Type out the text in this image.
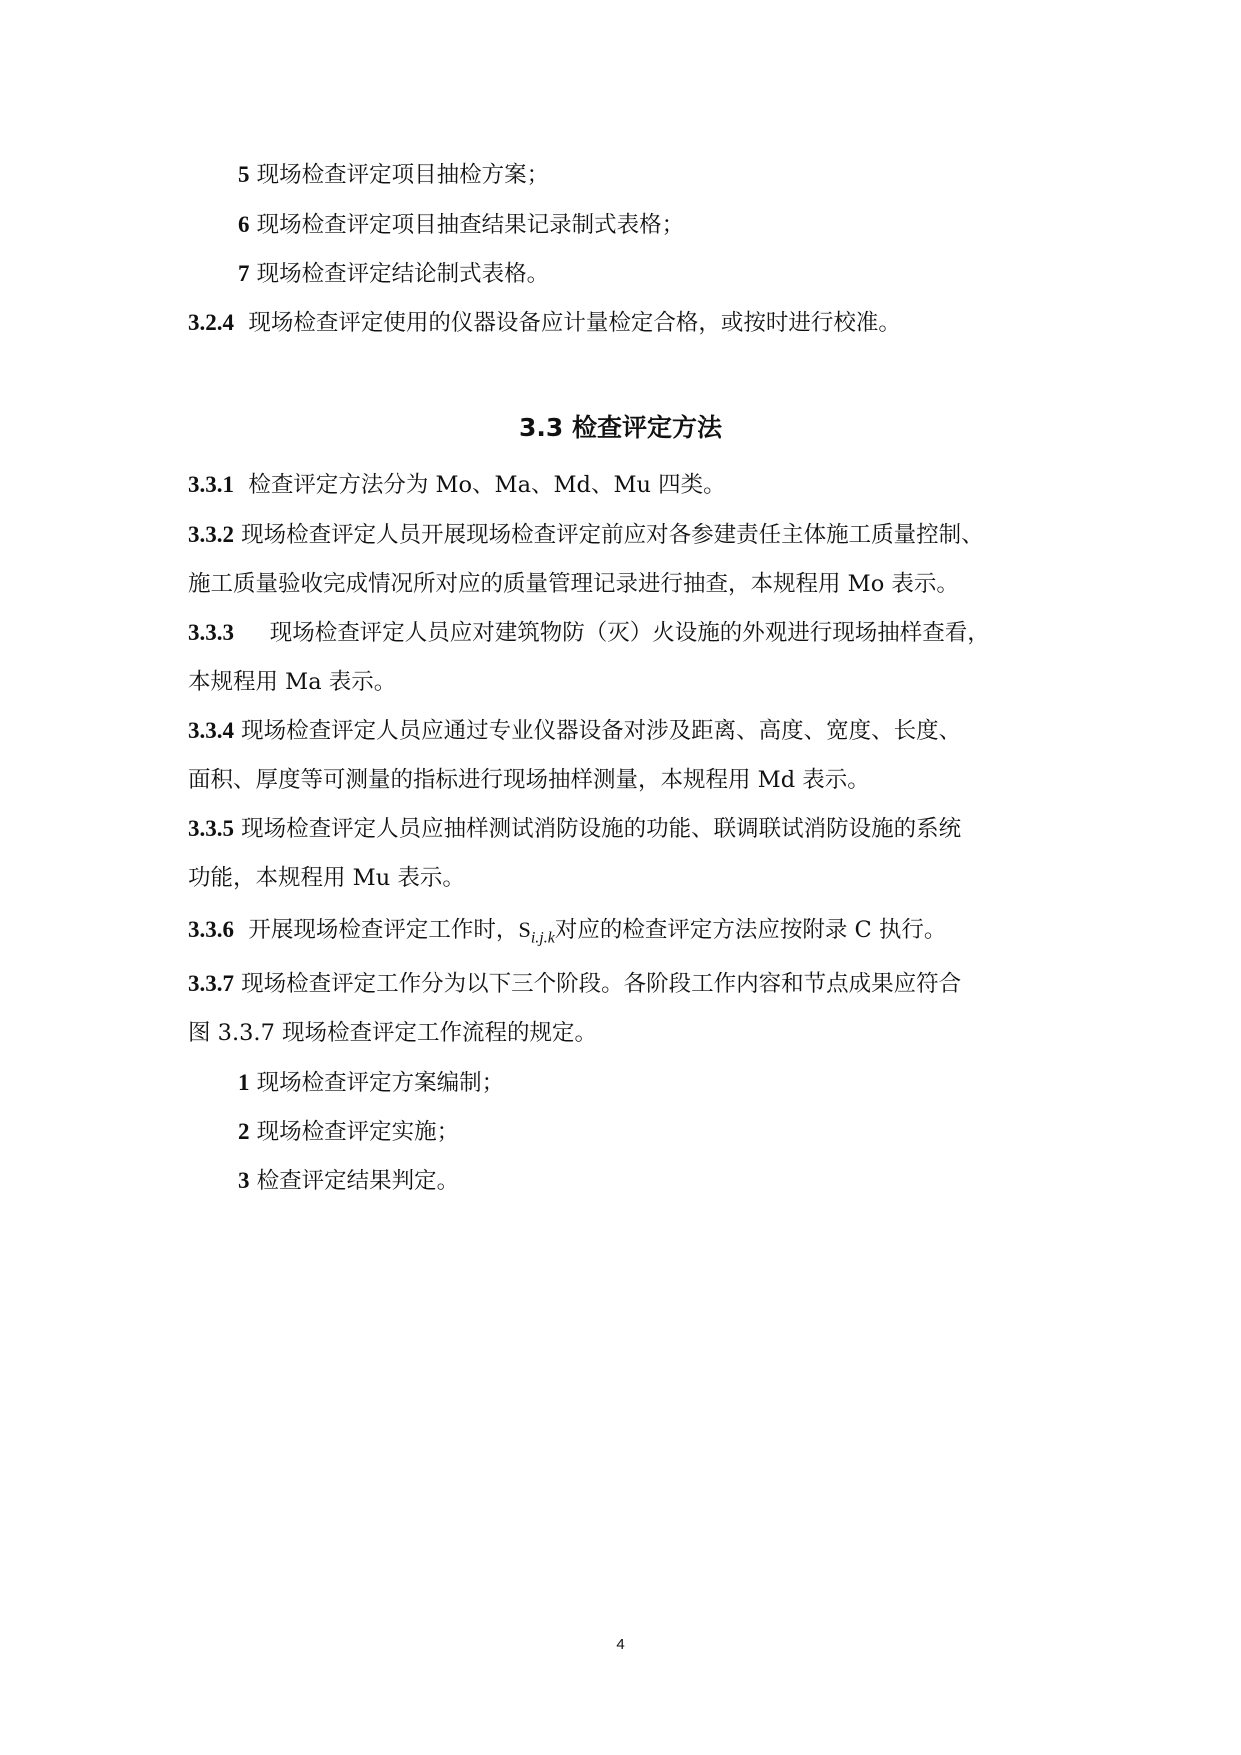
5 现场检查评定项目抽检方案；
6 现场检查评定项目抽查结果记录制式表格；
7 现场检查评定结论制式表格。
3.2.4 现场检查评定使用的仪器设备应计量检定合格，或按时进行校准。
3.3 检查评定方法
3.3.1 检查评定方法分为 Mo、Ma、Md、Mu 四类。
3.3.2 现场检查评定人员开展现场检查评定前应对各参建责任主体施工质量控制、
施工质量验收完成情况所对应的质量管理记录进行抽查，本规程用 Mo 表示。
3.3.3 现场检查评定人员应对建筑物防（灭）火设施的外观进行现场抽样查看，
本规程用 Ma 表示。
3.3.4 现场检查评定人员应通过专业仪器设备对涉及距离、高度、宽度、长度、
面积、厚度等可测量的指标进行现场抽样测量，本规程用 Md 表示。
3.3.5 现场检查评定人员应抽样测试消防设施的功能、联调联试消防设施的系统
功能，本规程用 Mu 表示。
3.3.6 开展现场检查评定工作时，$S_{i.j.k}$对应的检查评定方法应按附录 C 执行。
3.3.7 现场检查评定工作分为以下三个阶段。各阶段工作内容和节点成果应符合
图 3.3.7 现场检查评定工作流程的规定。
1 现场检查评定方案编制；
2 现场检查评定实施；
3 检查评定结果判定。
4
